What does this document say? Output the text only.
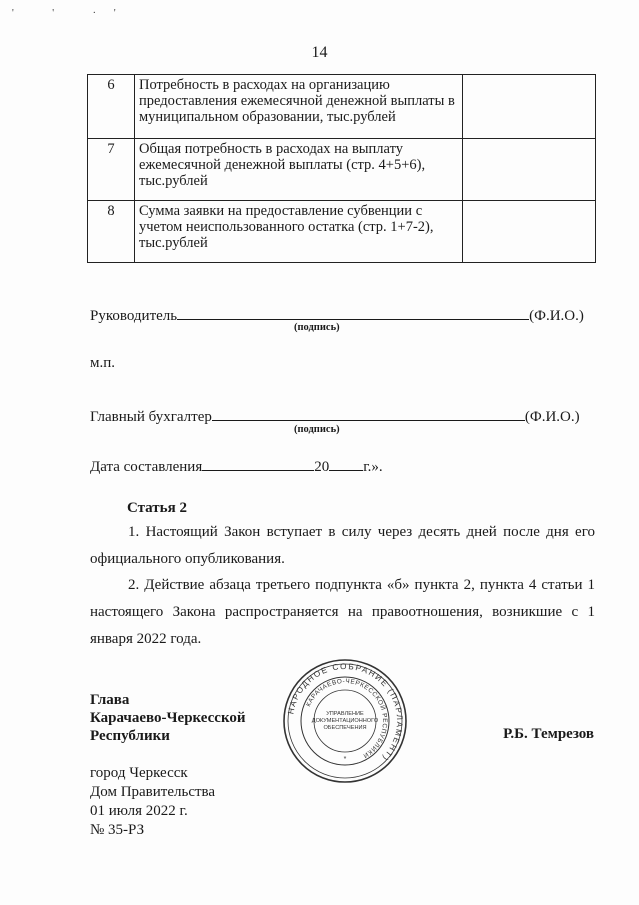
' ' ·'
14
6	Потребность в расходах на организацию предоставления ежемесячной денежной выплаты в муниципальном образовании, тыс.рублей	
7	Общая потребность в расходах на выплату ежемесячной денежной выплаты (стр. 4+5+6), тыс.рублей	
8	Сумма заявки на предоставление субвенции с учетом неиспользованного остатка (стр. 1+7-2), тыс.рублей	
Руководитель	(Ф.И.О.)
(подпись)
м.п.
Главный бухгалтер	(Ф.И.О.)
(подпись)
Дата составления	20 г.».
Статья 2
1. Настоящий Закон вступает в силу через десять дней после дня его официального опубликования.
2. Действие абзаца третьего подпункта «б» пункта 2, пункта 4 статьи 1 настоящего Закона распространяется на правоотношения, возникшие с 1 января 2022 года.
Глава
Карачаево-Черкесской
Республики
НАРОДНОЕ СОБРАНИЕ (ПАРЛАМЕНТ)
КАРАЧАЕВО-ЧЕРКЕССКОЙ РЕСПУБЛИКИ
УПРАВЛЕНИЕ
ДОКУМЕНТАЦИОННОГО
ОБЕСПЕЧЕНИЯ
*
Р.Б. Темрезов
город Черкесск
Дом Правительства
01 июля 2022 г.
№ 35-РЗ
